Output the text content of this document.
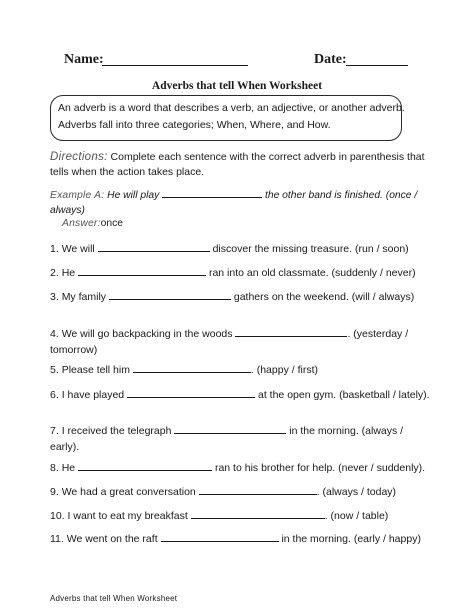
Name:	Date:
Adverbs that tell When Worksheet
An adverb is a word that describes a verb, an adjective, or another adverb.
Adverbs fall into three categories; When, Where, and How.
Directions: Complete each sentence with the correct adverb in parenthesis that tells when the action takes place.
Example A: He will play	the other band is finished. (once / always)
Answer:once
1. We will	discover the missing treasure. (run / soon)
2. He	ran into an old classmate. (suddenly / never)
3. My family	gathers on the weekend. (will / always)
4. We will go backpacking in the woods	. (yesterday / tomorrow)
5. Please tell him	. (happy / first)
6. I have played	at the open gym. (basketball / lately).
7. I received the telegraph	in the morning. (always / early).
8. He	ran to his brother for help. (never / suddenly).
9. We had a great conversation	. (always / today)
10. I want to eat my breakfast	. (now / table)
11. We went on the raft	in the morning. (early / happy)
Adverbs that tell When Worksheet
